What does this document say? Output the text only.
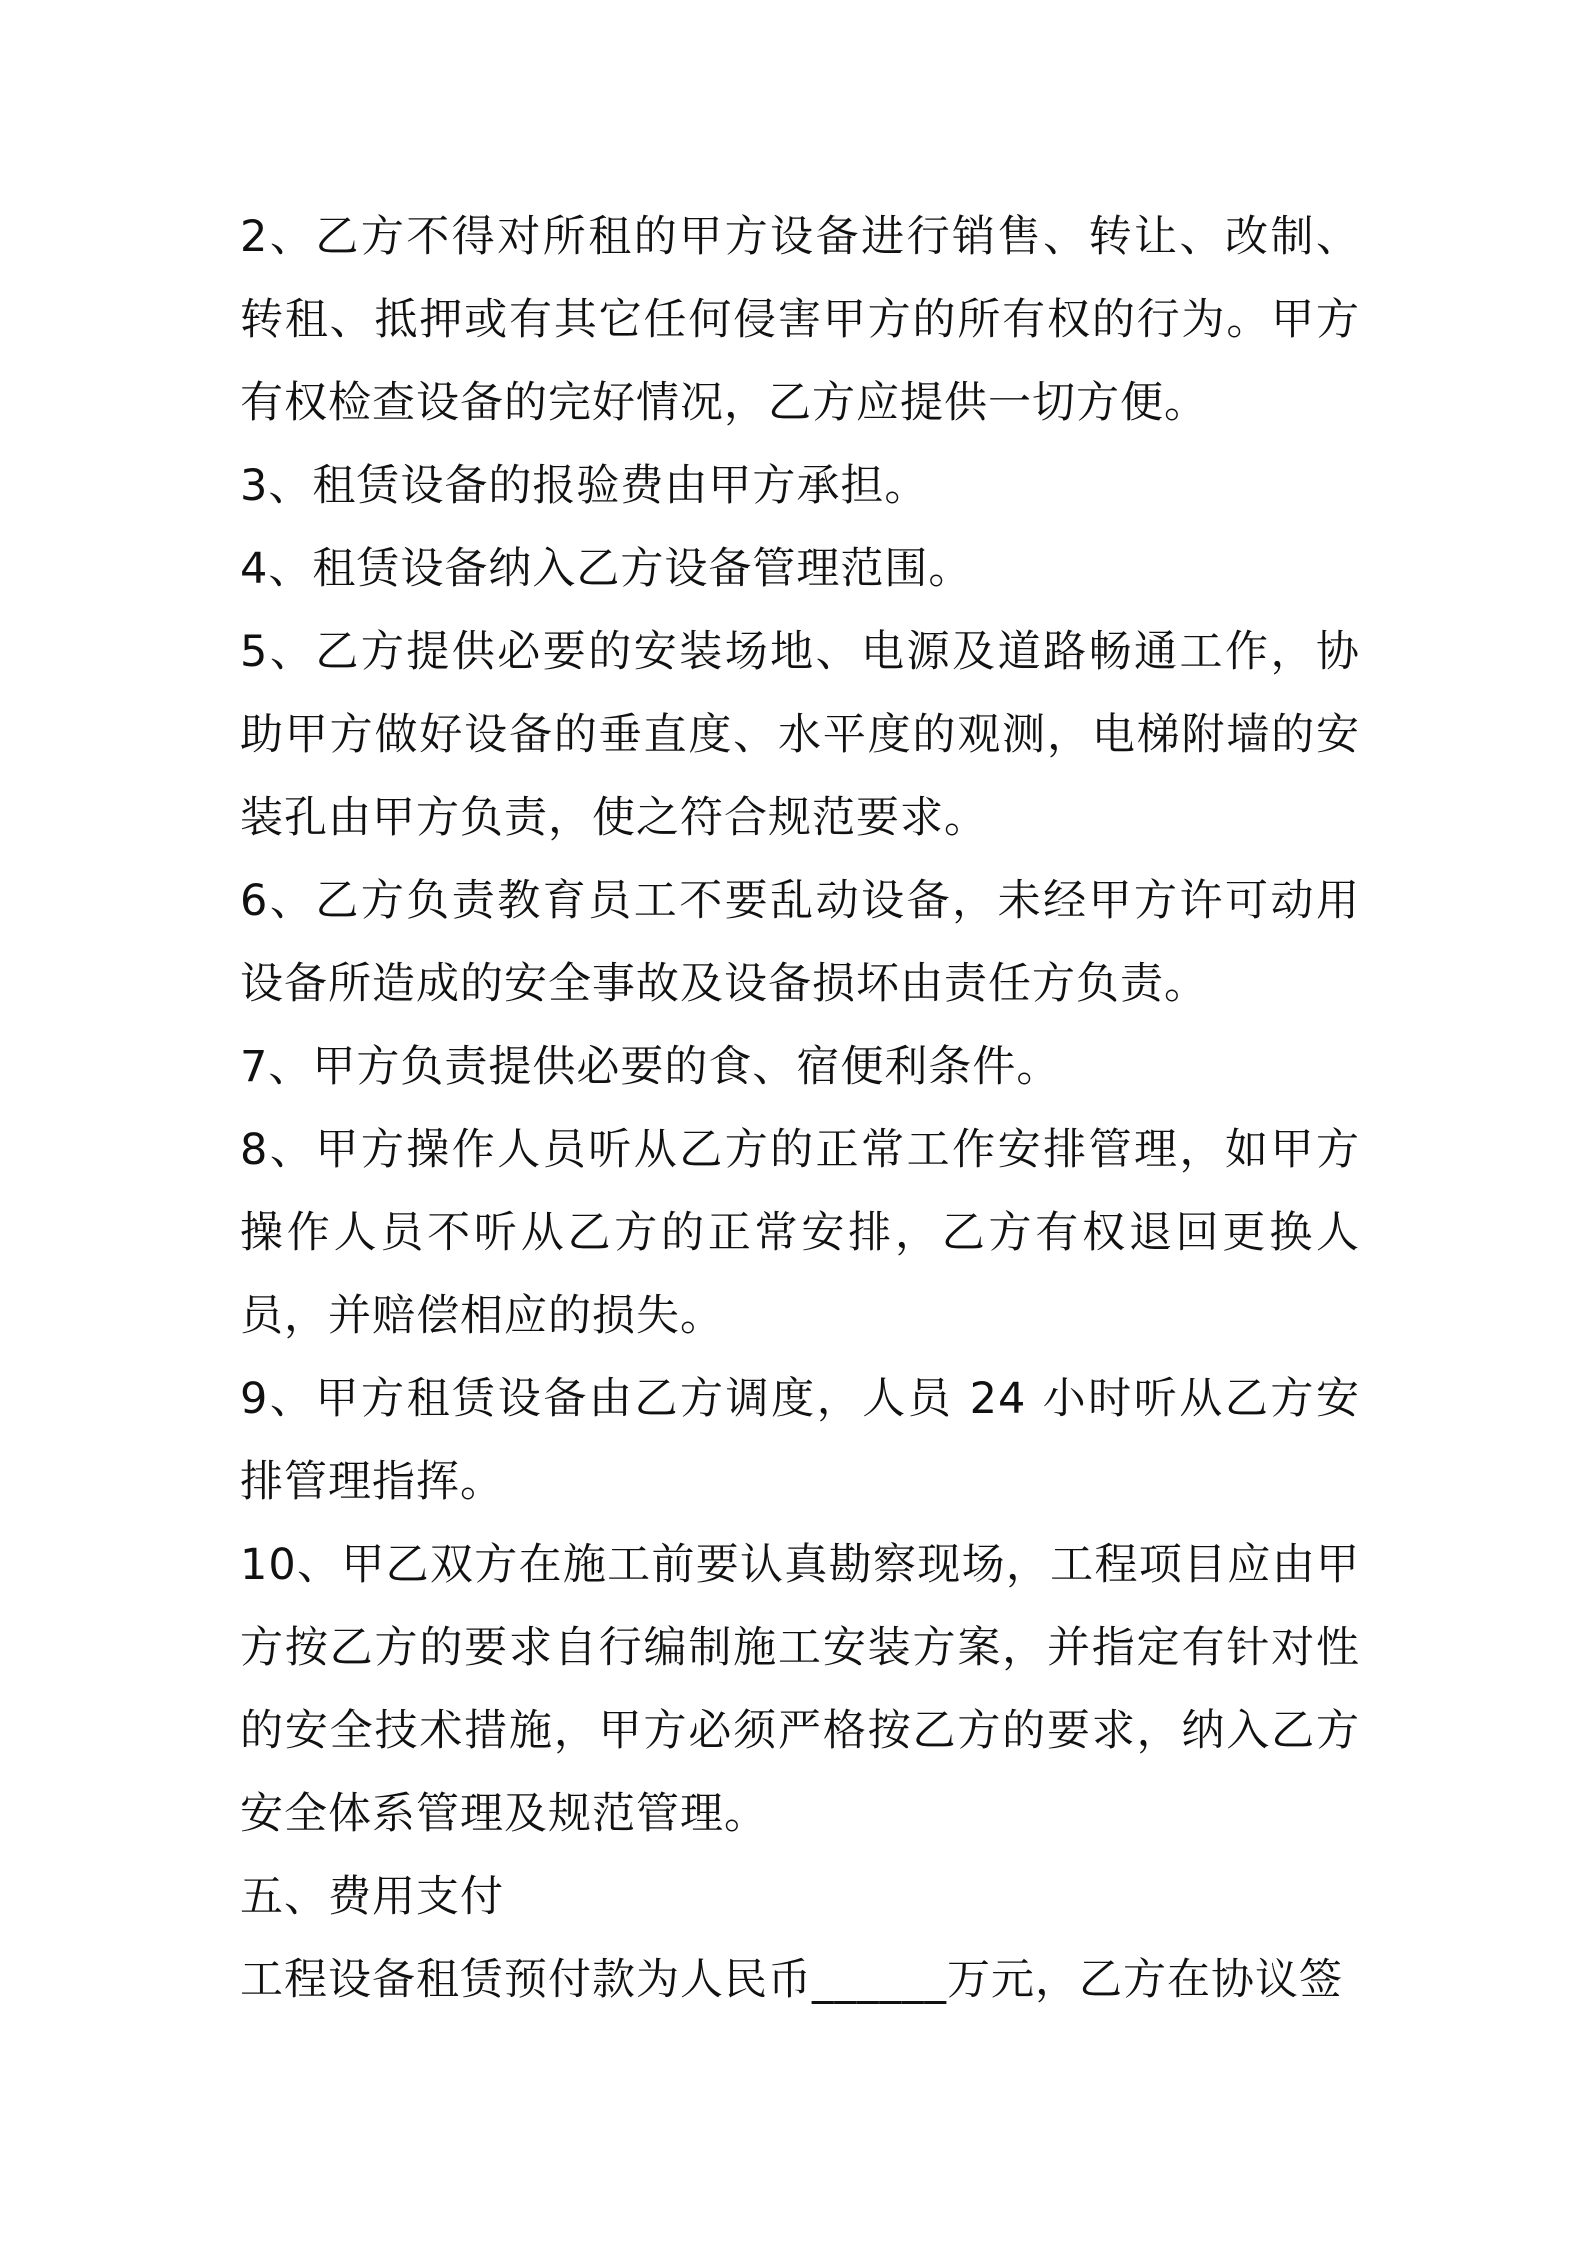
2、乙方不得对所租的甲方设备进行销售、转让、改制、转租、抵押或有其它任何侵害甲方的所有权的行为。甲方有权检查设备的完好情况，乙方应提供一切方便。

3、租赁设备的报验费由甲方承担。

4、租赁设备纳入乙方设备管理范围。

5、乙方提供必要的安装场地、电源及道路畅通工作，协助甲方做好设备的垂直度、水平度的观测，电梯附墙的安装孔由甲方负责，使之符合规范要求。

6、乙方负责教育员工不要乱动设备，未经甲方许可动用设备所造成的安全事故及设备损坏由责任方负责。

7、甲方负责提供必要的食、宿便利条件。

8、甲方操作人员听从乙方的正常工作安排管理，如甲方操作人员不听从乙方的正常安排，乙方有权退回更换人员，并赔偿相应的损失。

9、甲方租赁设备由乙方调度，人员 24 小时听从乙方安排管理指挥。

10、甲乙双方在施工前要认真勘察现场，工程项目应由甲方按乙方的要求自行编制施工安装方案，并指定有针对性的安全技术措施，甲方必须严格按乙方的要求，纳入乙方安全体系管理及规范管理。

五、费用支付

工程设备租赁预付款为人民币______万元，乙方在协议签
